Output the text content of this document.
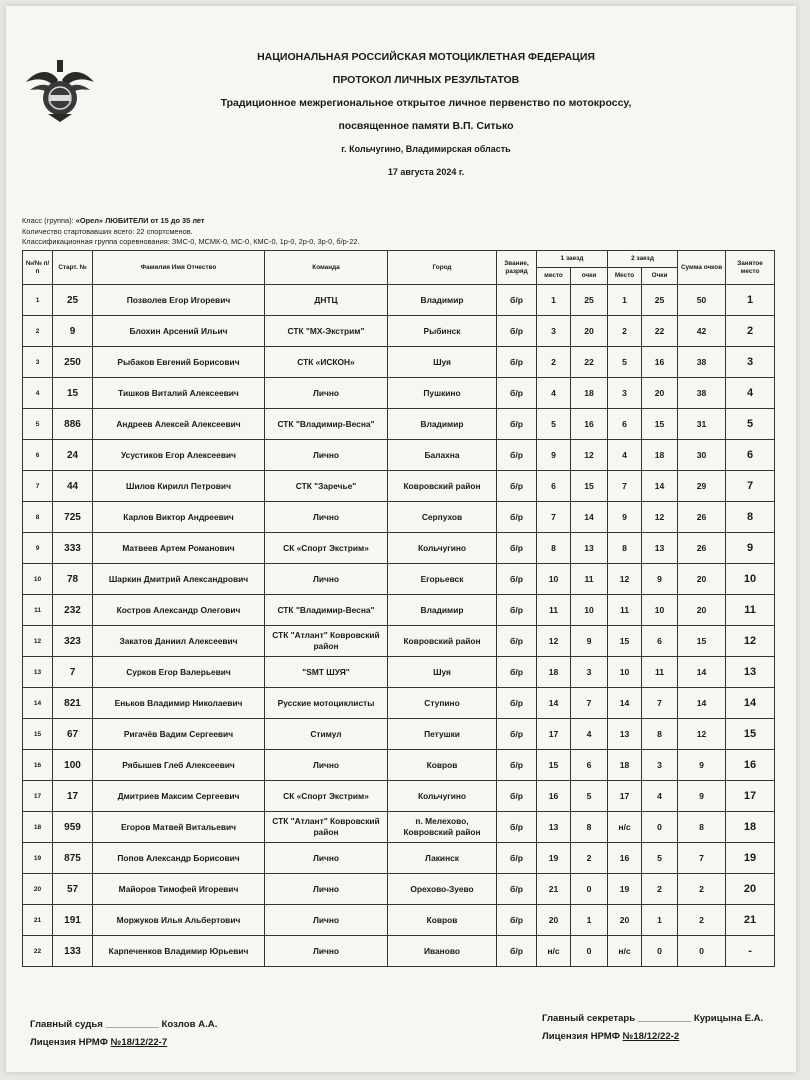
НАЦИОНАЛЬНАЯ РОССИЙСКАЯ МОТОЦИКЛЕТНАЯ ФЕДЕРАЦИЯ
ПРОТОКОЛ ЛИЧНЫХ РЕЗУЛЬТАТОВ
Традиционное межрегиональное открытое личное первенство по мотокроссу,
посвященное памяти В.П. Ситько
г. Кольчугино, Владимирская область
17 августа 2024 г.
Класс (группа): «Орел» ЛЮБИТЕЛИ от 15 до 35 лет
Количество стартовавших всего: 22 спортсменов.
Классификационная группа соревнования: ЗМС-0, МСМК-0, МС-0, КМС-0, 1р-0, 2р-0, 3р-0, б/р-22.
№/№ п/п	Старт. №	Фамилия Имя Отчество	Команда	Город	Звание, разряд	1 заезд		2 заезд		Сумма очков	Занятое место
						место	очки	Место	Очки		
1	25	Позволев Егор Игоревич	ДНТЦ	Владимир	б/р	1	25	1	25	50	1
2	9	Блохин Арсений Ильич	СТК "МХ-Экстрим"	Рыбинск	б/р	3	20	2	22	42	2
3	250	Рыбаков Евгений Борисович	СТК «ИСКОН»	Шуя	б/р	2	22	5	16	38	3
4	15	Тишков Виталий Алексеевич	Лично	Пушкино	б/р	4	18	3	20	38	4
5	886	Андреев Алексей Алексеевич	СТК "Владимир-Весна"	Владимир	б/р	5	16	6	15	31	5
6	24	Усустиков Егор Алексеевич	Лично	Балахна	б/р	9	12	4	18	30	6
7	44	Шилов Кирилл Петрович	СТК "Заречье"	Ковровский район	б/р	6	15	7	14	29	7
8	725	Карлов Виктор Андреевич	Лично	Серпухов	б/р	7	14	9	12	26	8
9	333	Матвеев Артем Романович	СК «Спорт Экстрим»	Кольчугино	б/р	8	13	8	13	26	9
10	78	Шаркин Дмитрий Александрович	Лично	Егорьевск	б/р	10	11	12	9	20	10
11	232	Костров Александр Олегович	СТК "Владимир-Весна"	Владимир	б/р	11	10	11	10	20	11
12	323	Закатов Даниил Алексеевич	СТК "Атлант" Ковровский район	Ковровский район	б/р	12	9	15	6	15	12
13	7	Сурков Егор Валерьевич	"SMT ШУЯ"	Шуя	б/р	18	3	10	11	14	13
14	821	Еньков Владимир Николаевич	Русские мотоциклисты	Ступино	б/р	14	7	14	7	14	14
15	67	Ригачёв Вадим Сергеевич	Стимул	Петушки	б/р	17	4	13	8	12	15
16	100	Рябышев Глеб Алексеевич	Лично	Ковров	б/р	15	6	18	3	9	16
17	17	Дмитриев Максим Сергеевич	СК «Спорт Экстрим»	Кольчугино	б/р	16	5	17	4	9	17
18	959	Егоров Матвей Витальевич	СТК "Атлант" Ковровский район	п. Мелехово, Ковровский район	б/р	13	8	н/с	0	8	18
19	875	Попов Александр Борисович	Лично	Лакинск	б/р	19	2	16	5	7	19
20	57	Майоров Тимофей Игоревич	Лично	Орехово-Зуево	б/р	21	0	19	2	2	20
21	191	Моржуков Илья Альбертович	Лично	Ковров	б/р	20	1	20	1	2	21
22	133	Карпеченков Владимир Юрьевич	Лично	Иваново	б/р	н/с	0	н/с	0	0	-
Главный судья __________ Козлов А.А.
Лицензия НРМФ №18/12/22-7
Главный секретарь __________ Курицына Е.А.
Лицензия НРМФ №18/12/22-2
